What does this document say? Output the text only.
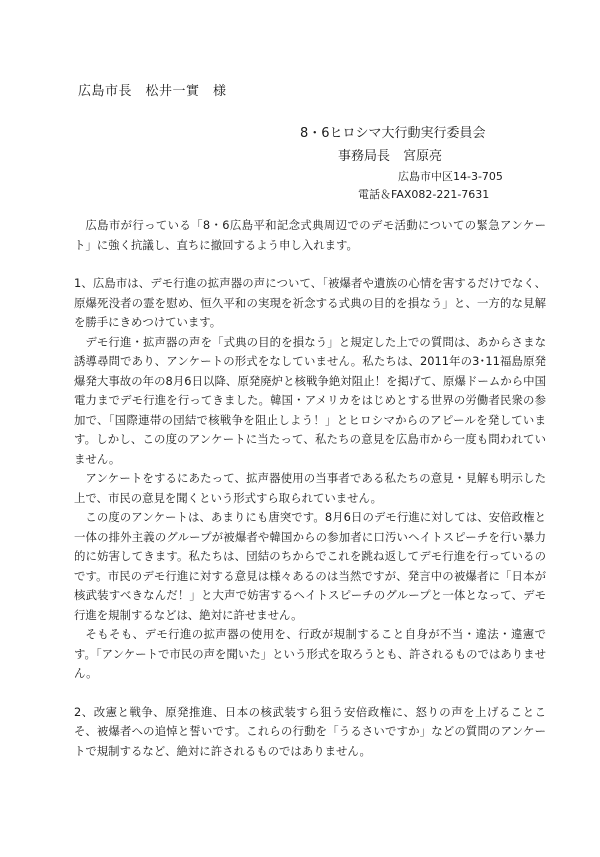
広島市長　松井一實　様
8・6ヒロシマ大行動実行委員会
事務局長　宮原亮
広島市中区14-3-705
電話＆FAX082-221-7631

広島市が行っている「8・6広島平和記念式典周辺でのデモ活動についての緊急アンケート」に強く抗議し、直ちに撤回するよう申し入れます。

1、広島市は、デモ行進の拡声器の声について、「被爆者や遺族の心情を害するだけでなく、原爆死没者の霊を慰め、恒久平和の実現を祈念する式典の目的を損なう」と、一方的な見解を勝手にきめつけています。

デモ行進・拡声器の声を「式典の目的を損なう」と規定した上での質問は、あからさまな誘導尋問であり、アンケートの形式をなしていません。私たちは、2011年の3･11福島原発爆発大事故の年の8月6日以降、原発廃炉と核戦争絶対阻止！を掲げて、原爆ドームから中国電力までデモ行進を行ってきました。韓国・アメリカをはじめとする世界の労働者民衆の参加で、「国際連帯の団結で核戦争を阻止しよう！」とヒロシマからのアピールを発しています。しかし、この度のアンケートに当たって、私たちの意見を広島市から一度も問われていません。

アンケートをするにあたって、拡声器使用の当事者である私たちの意見・見解も明示した上で、市民の意見を聞くという形式すら取られていません。

この度のアンケートは、あまりにも唐突です。8月6日のデモ行進に対しては、安倍政権と一体の排外主義のグループが被爆者や韓国からの参加者に口汚いヘイトスピーチを行い暴力的に妨害してきます。私たちは、団結のちからでこれを跳ね返してデモ行進を行っているのです。市民のデモ行進に対する意見は様々あるのは当然ですが、発言中の被爆者に「日本が核武装すべきなんだ！」と大声で妨害するヘイトスピーチのグループと一体となって、デモ行進を規制するなどは、絶対に許せません。

そもそも、デモ行進の拡声器の使用を、行政が規制すること自身が不当・違法・違憲です。「アンケートで市民の声を聞いた」という形式を取ろうとも、許されるものではありません。

2、改憲と戦争、原発推進、日本の核武装すら狙う安倍政権に、怒りの声を上げることこそ、被爆者への追悼と誓いです。これらの行動を「うるさいですか」などの質問のアンケートで規制するなど、絶対に許されるものではありません。
